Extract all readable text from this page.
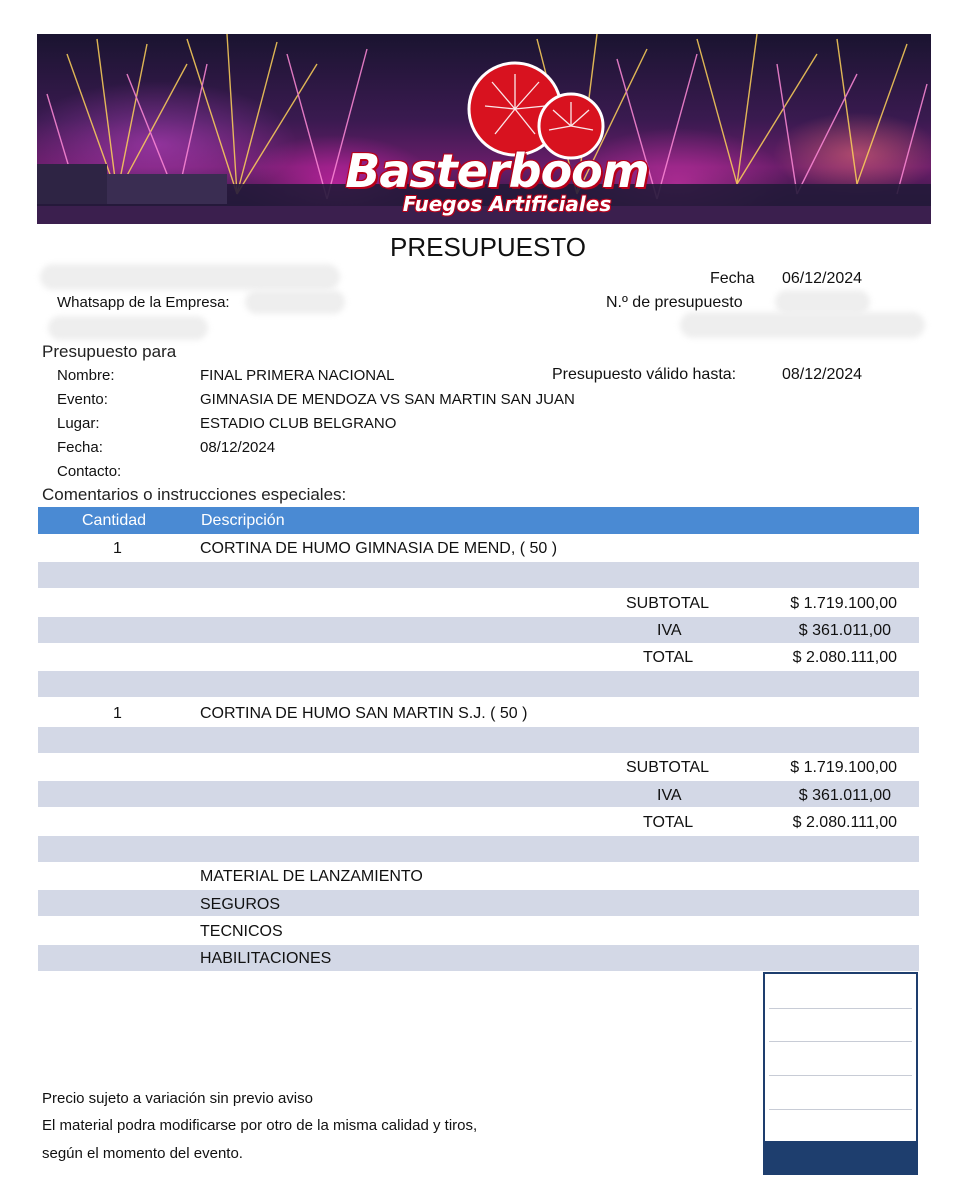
Basterboom
Fuegos Artificiales
PRESUPUESTO
Whatsapp de la Empresa:
Fecha 06/12/2024
N.º de presupuesto
Presupuesto para
Nombre:	FINAL PRIMERA NACIONAL	Presupuesto válido hasta:	08/12/2024
Evento:	GIMNASIA DE MENDOZA VS SAN MARTIN SAN JUAN
Lugar:	ESTADIO CLUB BELGRANO
Fecha:	08/12/2024
Contacto:
Comentarios o instrucciones especiales:
Cantidad	Descripción
1	CORTINA DE HUMO GIMNASIA DE MEND, ( 50 )
SUBTOTAL	$ 1.719.100,00
IVA	$ 361.011,00
TOTAL	$ 2.080.111,00
1	CORTINA DE HUMO SAN MARTIN S.J. ( 50 )
SUBTOTAL	$ 1.719.100,00
IVA	$ 361.011,00
TOTAL	$ 2.080.111,00
MATERIAL DE LANZAMIENTO
SEGUROS
TECNICOS
HABILITACIONES
Precio sujeto a variación sin previo aviso
El material podra modificarse por otro de la misma calidad y tiros,
según el momento del evento.
